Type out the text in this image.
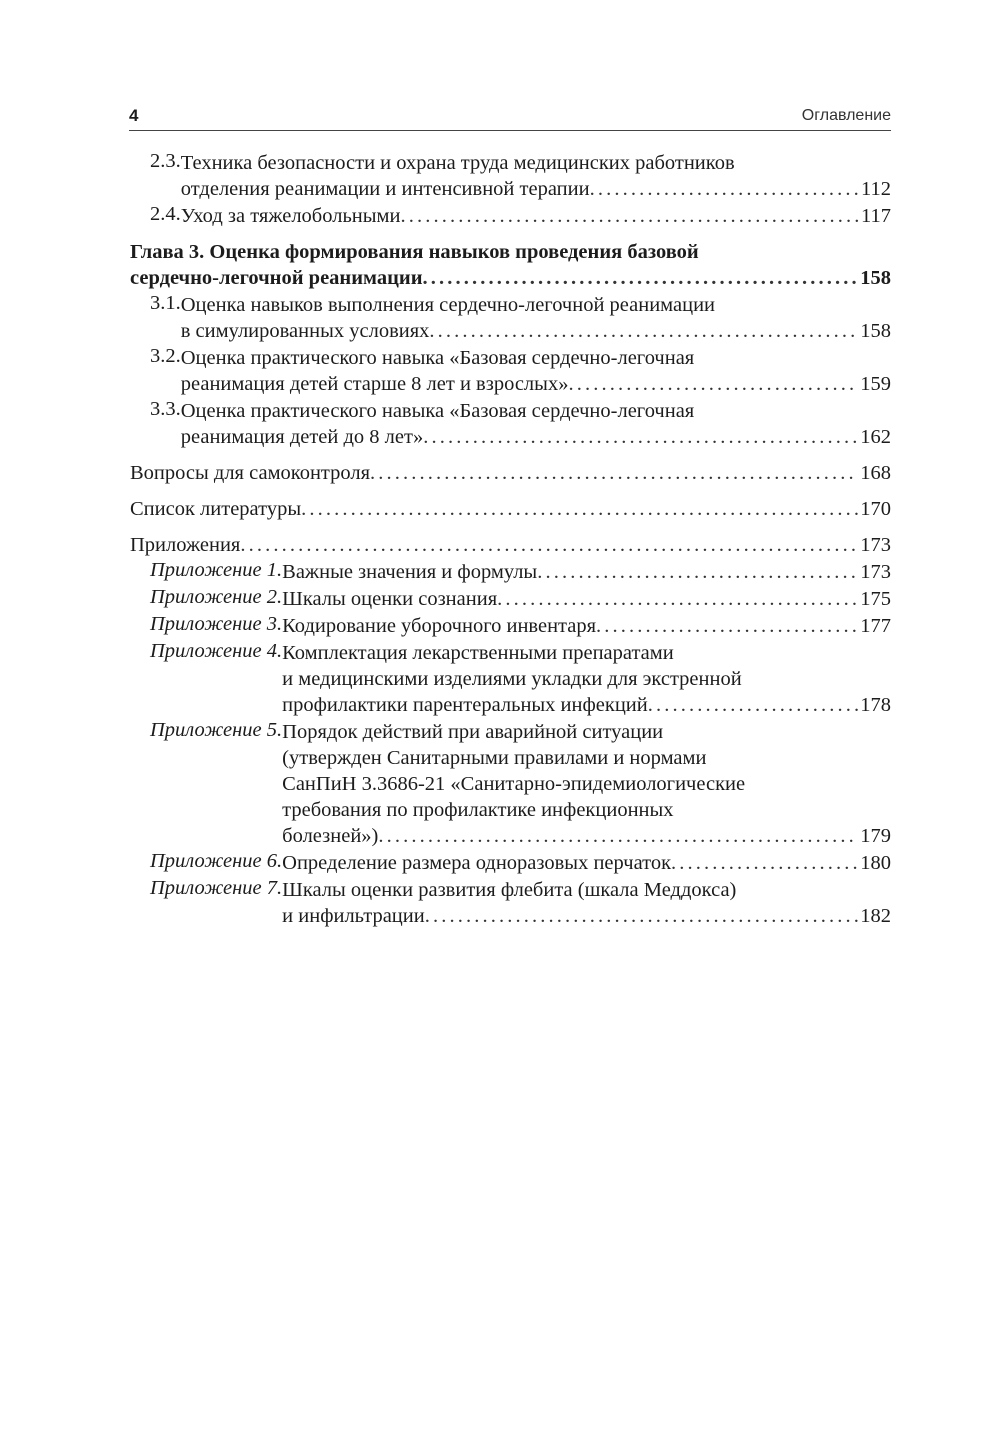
4	Оглавление
2.3. Техника безопасности и охрана труда медицинских работников
отделения реанимации и интенсивной терапии . . .	112
2.4. Уход за тяжелобольными . . .	117
Глава 3. Оценка формирования навыков проведения базовой
сердечно-легочной реанимации . . .	158
3.1. Оценка навыков выполнения сердечно-легочной реанимации
в симулированных условиях . . .	158
3.2. Оценка практического навыка «Базовая сердечно-легочная
реанимация детей старше 8 лет и взрослых» . . .	159
3.3. Оценка практического навыка «Базовая сердечно-легочная
реанимация детей до 8 лет» . . .	162
Вопросы для самоконтроля . . .	168
Список литературы . . .	170
Приложения . . .	173
Приложение 1. Важные значения и формулы . . .	173
Приложение 2. Шкалы оценки сознания . . .	175
Приложение 3. Кодирование уборочного инвентаря . . .	177
Приложение 4. Комплектация лекарственными препаратами
и медицинскими изделиями укладки для экстренной
профилактики парентеральных инфекций . . .	178
Приложение 5. Порядок действий при аварийной ситуации
(утвержден Санитарными правилами и нормами
СанПиН 3.3686-21 «Санитарно-эпидемиологические
требования по профилактике инфекционных
болезней») . . .	179
Приложение 6. Определение размера одноразовых перчаток . . .	180
Приложение 7. Шкалы оценки развития флебита (шкала Меддокса)
и инфильтрации . . .	182
